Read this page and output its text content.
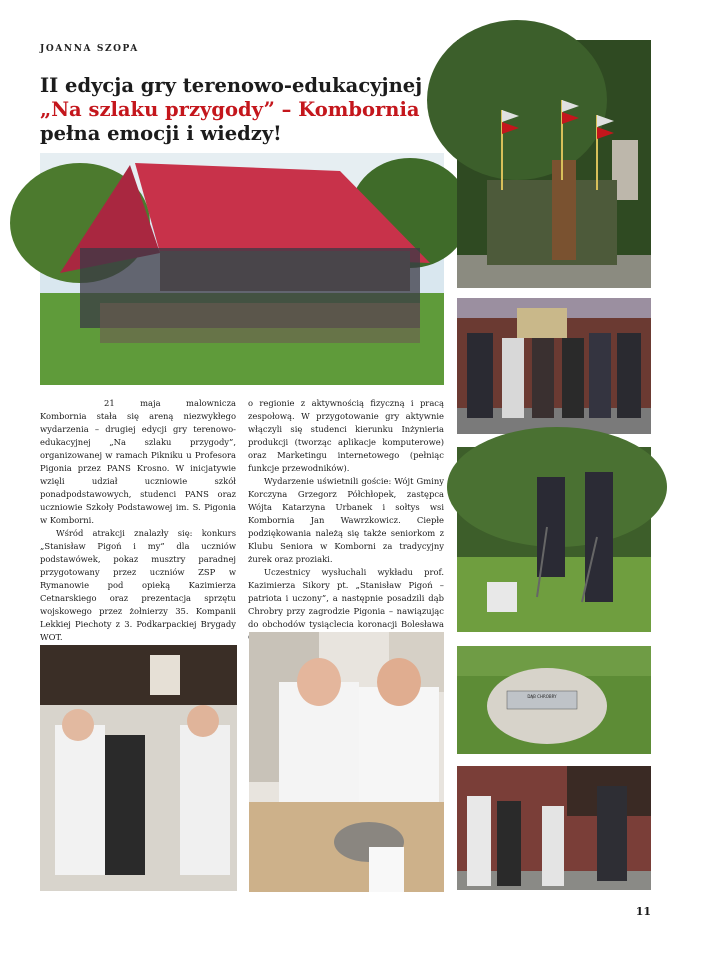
JOANNA SZOPA
II edycja gry terenowo-edukacyjnej
„Na szlaku przygody” – Kombornia
pełna emocji i wiedzy!

21 maja malownicza Kombornia stała się areną niezwykłego wydarzenia – drugiej edycji gry terenowo-edukacyjnej „Na szlaku przygody”, organizowanej w ramach Pikniku u Profesora Pigonia przez PANS Krosno. W inicjatywie wzięli udział uczniowie szkół ponadpodstawowych, studenci PANS oraz uczniowie Szkoły Podstawowej im. S. Pigonia w Komborni.

Wśród atrakcji znalazły się: konkurs „Stanisław Pigoń i my” dla uczniów podstawówek, pokaz musztry paradnej przygotowany przez uczniów ZSP w Rymanowie pod opieką Kazimierza Cetnarskiego oraz prezentacja sprzętu wojskowego przez żołnierzy 35. Kompanii Lekkiej Piechoty z 3. Podkarpackiej Brygady WOT.

o regionie z aktywnością fizyczną i pracą zespołową. W przygotowanie gry aktywnie włączyli się studenci kierunku Inżynieria produkcji (tworząc aplikacje komputerowe) oraz Marketingu internetowego (pełniąc funkcje przewodników).

Wydarzenie uświetnili goście: Wójt Gminy Korczyna Grzegorz Półchłopek, zastępca Wójta Katarzyna Urbanek i sołtys wsi Kombornia Jan Wawrzkowicz. Ciepłe podziękowania należą się także seniorkom z Klubu Seniora w Komborni za tradycyjny żurek oraz proziaki.

Uczestnicy wysłuchali wykładu prof. Kazimierza Sikory pt. „Stanisław Pigoń – patriota i uczony”, a następnie posadzili dąb Chrobry przy zagrodzie Pigonia – nawiązując do obchodów tysiąclecia koronacji Bolesława

DĄB CHROBRY
11
